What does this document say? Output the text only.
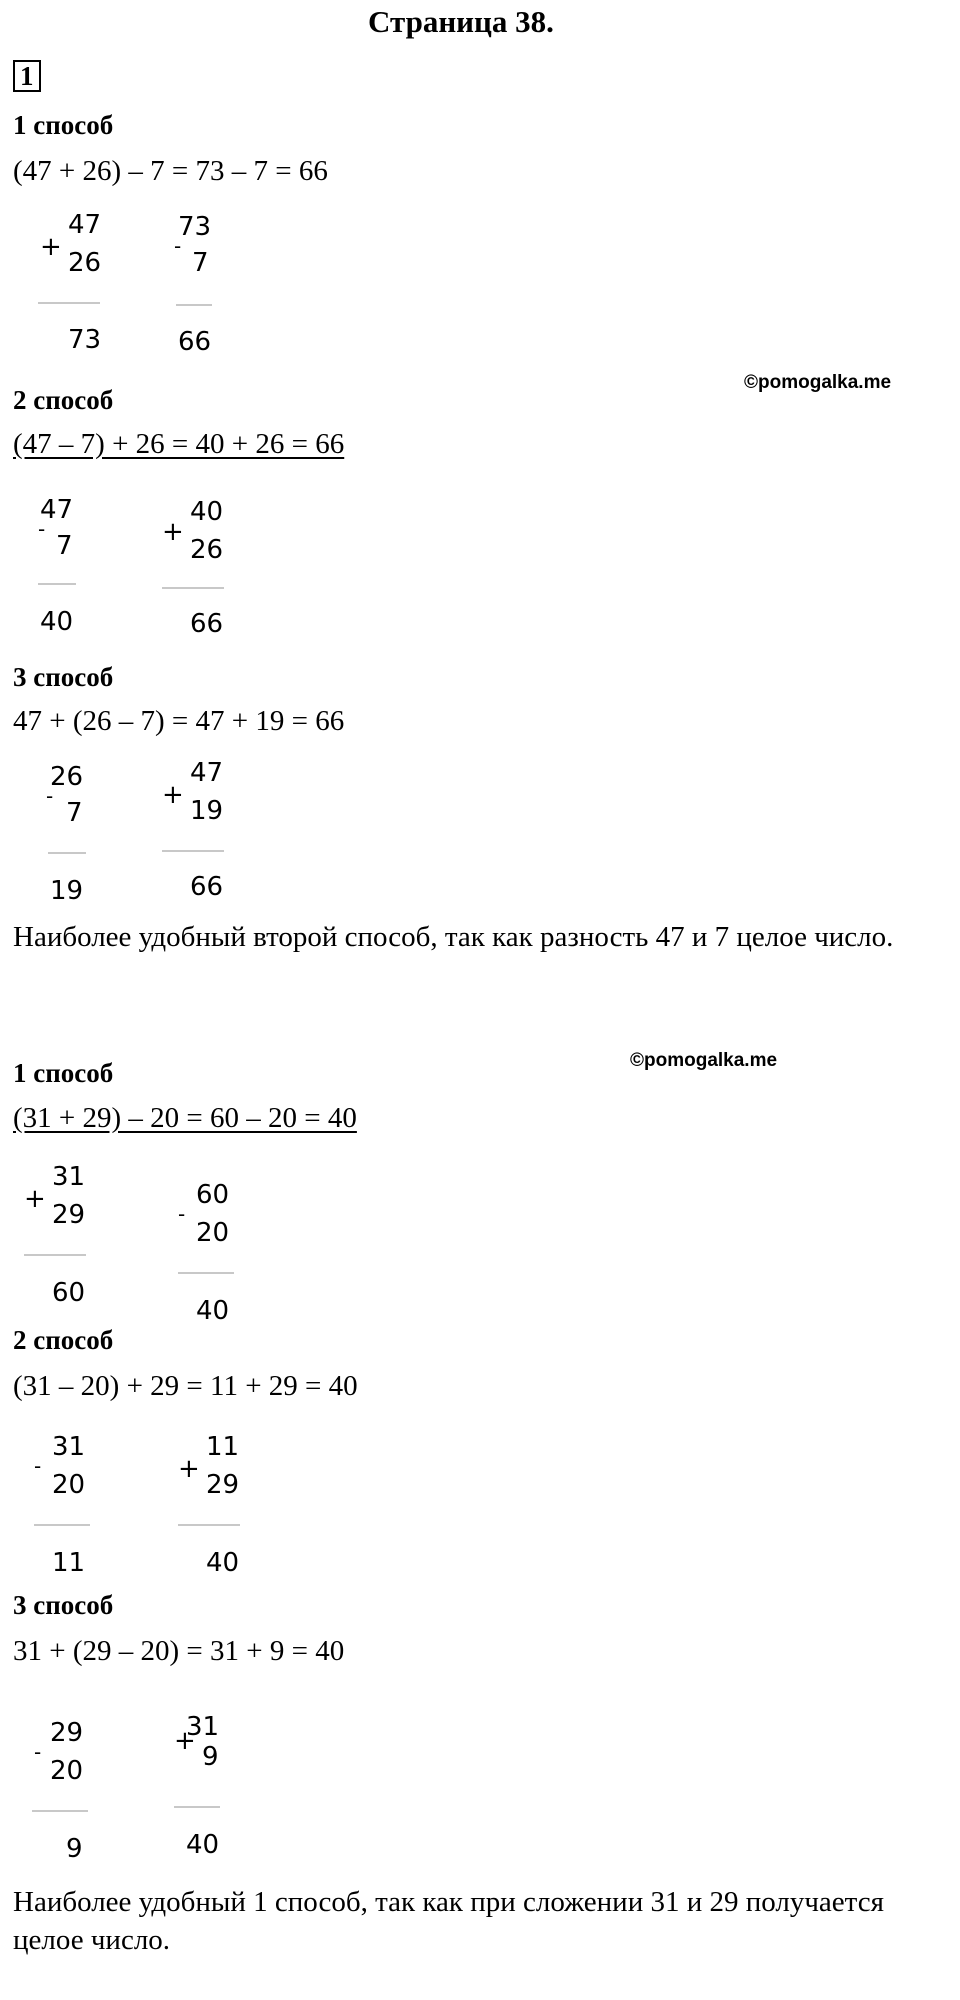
Страница 38.
1
1 способ
(47 + 26) – 7 = 73 – 7 = 66
+
47
26
73
-
73
7
66
©pomogalka.me
2 способ
(47 – 7) + 26 = 40 + 26 = 66
-
47
7
40
+
40
26
66
3 способ
47 + (26 – 7) = 47 + 19 = 66
-
26
7
19
+
47
19
66
Наиболее удобный второй способ, так как разность 47 и 7 целое число.
©pomogalka.me
1 способ
(31 + 29) – 20 = 60 – 20 = 40
+
31
29
60
-
60
20
40
2 способ
(31 – 20) + 29 = 11 + 29 = 40
-
31
20
11
+
11
29
40
3 способ
31 + (29 – 20) = 31 + 9 = 40
-
29
20
9
+
31
9
40
Наиболее удобный 1 способ, так как при сложении 31 и 29 получается целое число.
